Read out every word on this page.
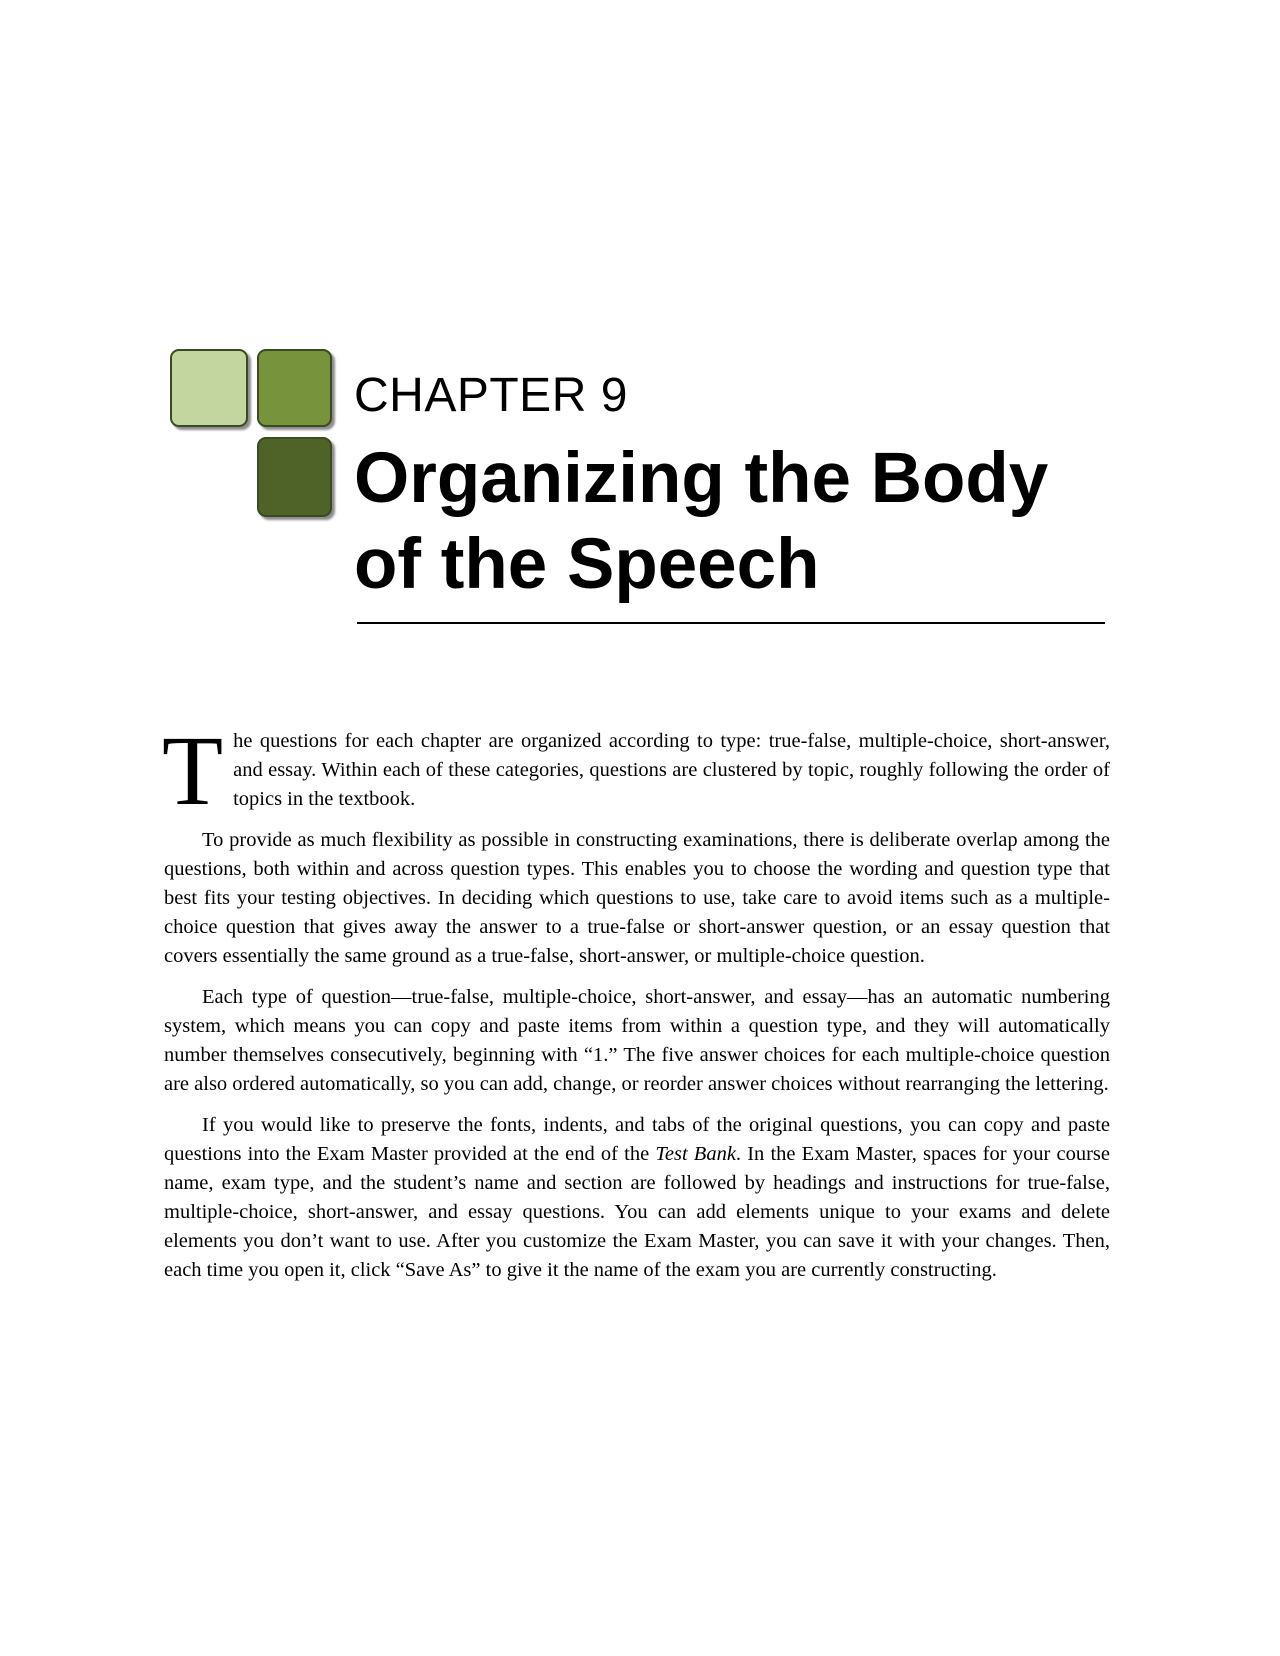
CHAPTER 9
Organizing the Body
of the Speech

The questions for each chapter are organized according to type: true-false, multiple-choice, short-answer, and essay. Within each of these categories, questions are clustered by topic, roughly following the order of topics in the textbook.

To provide as much flexibility as possible in constructing examinations, there is deliberate overlap among the questions, both within and across question types. This enables you to choose the wording and question type that best fits your testing objectives. In deciding which questions to use, take care to avoid items such as a multiple-choice question that gives away the answer to a true-false or short-answer question, or an essay question that covers essentially the same ground as a true-false, short-answer, or multiple-choice question.

Each type of question—true-false, multiple-choice, short-answer, and essay—has an automatic numbering system, which means you can copy and paste items from within a question type, and they will automatically number themselves consecutively, beginning with “1.” The five answer choices for each multiple-choice question are also ordered automatically, so you can add, change, or reorder answer choices without rearranging the lettering.

If you would like to preserve the fonts, indents, and tabs of the original questions, you can copy and paste questions into the Exam Master provided at the end of the Test Bank. In the Exam Master, spaces for your course name, exam type, and the student’s name and section are followed by headings and instructions for true-false, multiple-choice, short-answer, and essay questions. You can add elements unique to your exams and delete elements you don’t want to use. After you customize the Exam Master, you can save it with your changes. Then, each time you open it, click “Save As” to give it the name of the exam you are currently constructing.
